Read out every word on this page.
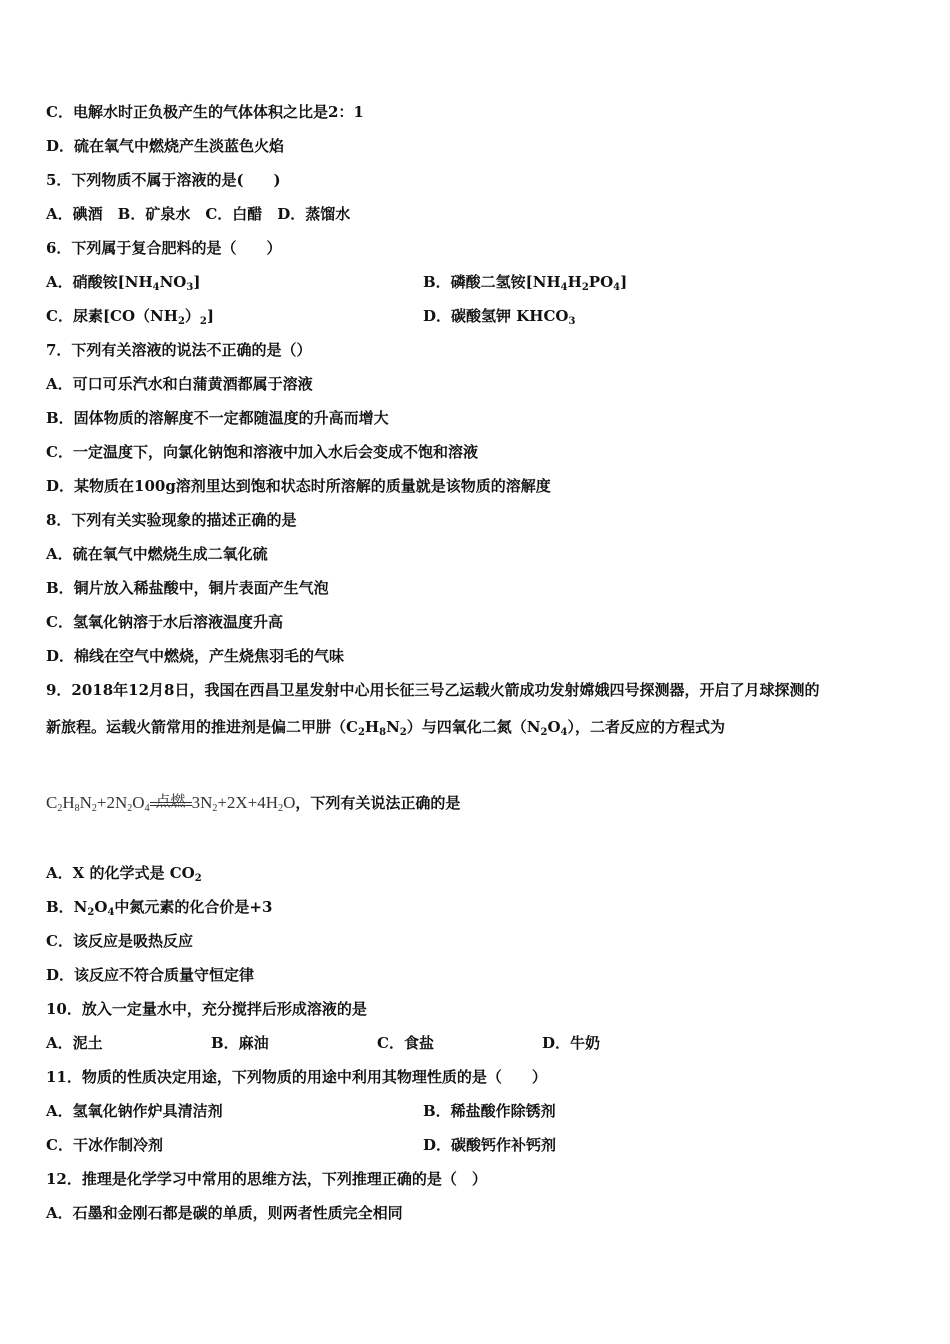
C．电解水时正负极产生的气体体积之比是2：1
D．硫在氧气中燃烧产生淡蓝色火焰
5．下列物质不属于溶液的是(　　)
A．碘酒　B．矿泉水　C．白醋　D．蒸馏水
6．下列属于复合肥料的是（　　）
A．硝酸铵$[NH_4NO_3]$	B．磷酸二氢铵$[NH_4H_2PO_4]$
C．尿素$[CO(NH_2)_2]$	D．碳酸氢钾 $KHCO_3$
7．下列有关溶液的说法不正确的是（）
A．可口可乐汽水和白蒲黄酒都属于溶液
B．固体物质的溶解度不一定都随温度的升高而增大
C．一定温度下，向氯化钠饱和溶液中加入水后会变成不饱和溶液
D．某物质在100g溶剂里达到饱和状态时所溶解的质量就是该物质的溶解度
8．下列有关实验现象的描述正确的是
A．硫在氧气中燃烧生成二氧化硫
B．铜片放入稀盐酸中，铜片表面产生气泡
C．氢氧化钠溶于水后溶液温度升高
D．棉线在空气中燃烧，产生烧焦羽毛的气味
9．2018年12月8日，我国在西昌卫星发射中心用长征三号乙运载火箭成功发射嫦娥四号探测器，开启了月球探测的
新旅程。运载火箭常用的推进剂是偏二甲肼$(C_2H_8N_2)$与四氧化二氮$(N_2O_4)$，二者反应的方程式为
$C_2H_8N_2+2N_2O_4$ 点燃 $3N_2+2X+4H_2O$，下列有关说法正确的是
A．X 的化学式是 $CO_2$
B．$N_2O_4$中氮元素的化合价是+3
C．该反应是吸热反应
D．该反应不符合质量守恒定律
10．放入一定量水中，充分搅拌后形成溶液的是
A．泥土	B．麻油	C．食盐	D．牛奶
11．物质的性质决定用途，下列物质的用途中利用其物理性质的是（　　）
A．氢氧化钠作炉具清洁剂	B．稀盐酸作除锈剂
C．干冰作制冷剂	D．碳酸钙作补钙剂
12．推理是化学学习中常用的思维方法，下列推理正确的是（　）
A．石墨和金刚石都是碳的单质，则两者性质完全相同
